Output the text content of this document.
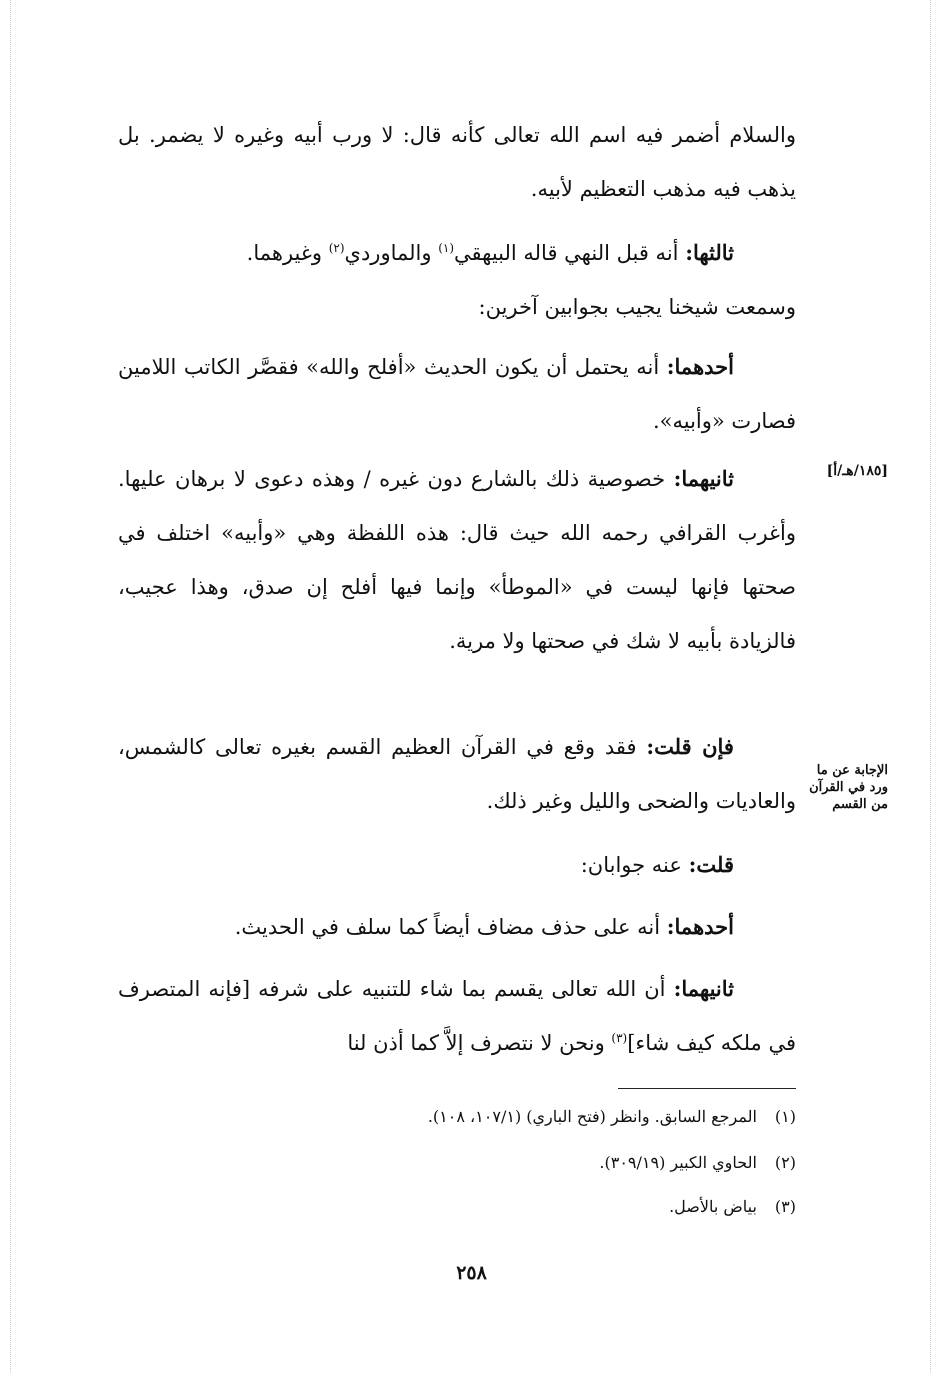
والسلام أضمر فيه اسم الله تعالى كأنه قال: لا ورب أبيه وغيره لا يضمر. بل يذهب فيه مذهب التعظيم لأبيه.
ثالثها: أنه قبل النهي قاله البيهقي$^{(١)}$ والماوردي$^{(٢)}$ وغيرهما.
وسمعت شيخنا يجيب بجوابين آخرين:
أحدهما: أنه يحتمل أن يكون الحديث «أفلح والله» فقصَّر الكاتب اللامين فصارت «وأبيه».
ثانيهما: خصوصية ذلك بالشارع دون غيره / وهذه دعوى لا برهان عليها. وأغرب القرافي رحمه الله حيث قال: هذه اللفظة وهي «وأبيه» اختلف في صحتها فإنها ليست في «الموطأ» وإنما فيها أفلح إن صدق، وهذا عجيب، فالزيادة بأبيه لا شك في صحتها ولا مرية.
[١٨٥/هـ/أ]
فإن قلت: فقد وقع في القرآن العظيم القسم بغيره تعالى كالشمس، والعاديات والضحى والليل وغير ذلك.
الإجابة عن ما
ورد في القرآن
من القسم
قلت: عنه جوابان:
أحدهما: أنه على حذف مضاف أيضاً كما سلف في الحديث.
ثانيهما: أن الله تعالى يقسم بما شاء للتنبيه على شرفه [فإنه المتصرف في ملكه كيف شاء]$^{(٣)}$ ونحن لا نتصرف إلاَّ كما أذن لنا
(١) المرجع السابق. وانظر (فتح الباري) (١٠٧/١، ١٠٨).
(٢) الحاوي الكبير (٣٠٩/١٩).
(٣) بياض بالأصل.
٢٥٨
